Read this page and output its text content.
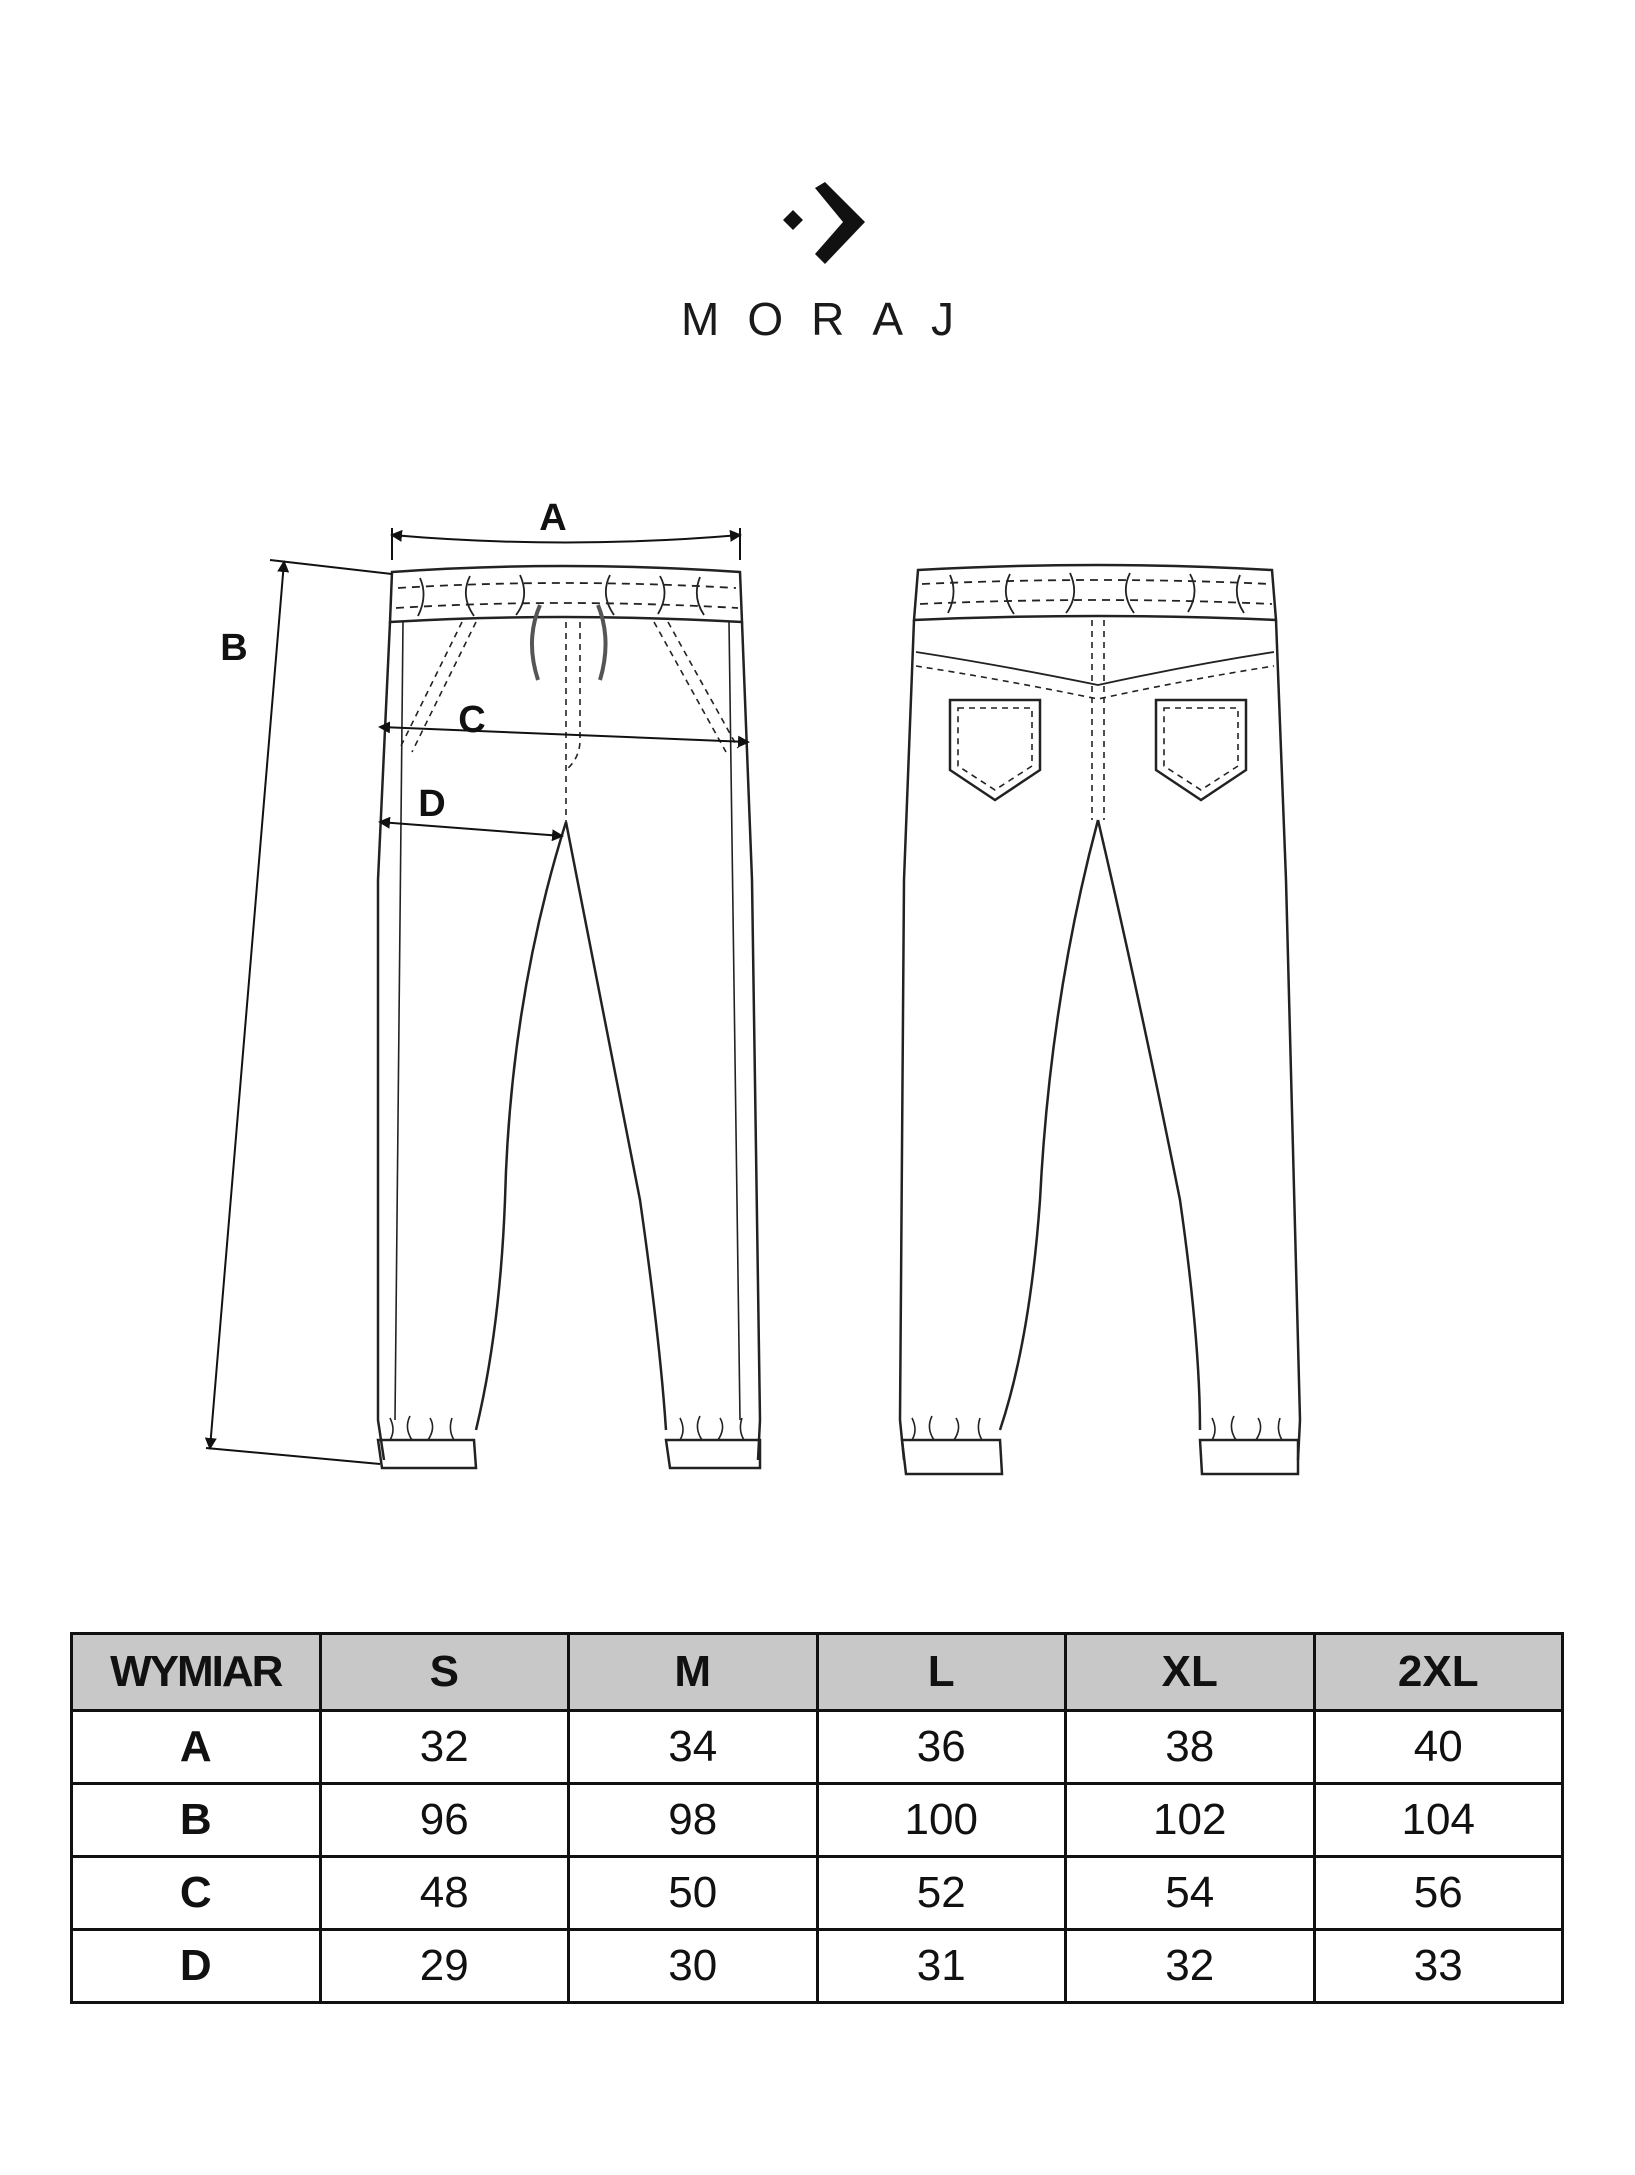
MORAJ
A
B
C
D
WYMIAR	S	M	L	XL	2XL
A	32	34	36	38	40
B	96	98	100	102	104
C	48	50	52	54	56
D	29	30	31	32	33
